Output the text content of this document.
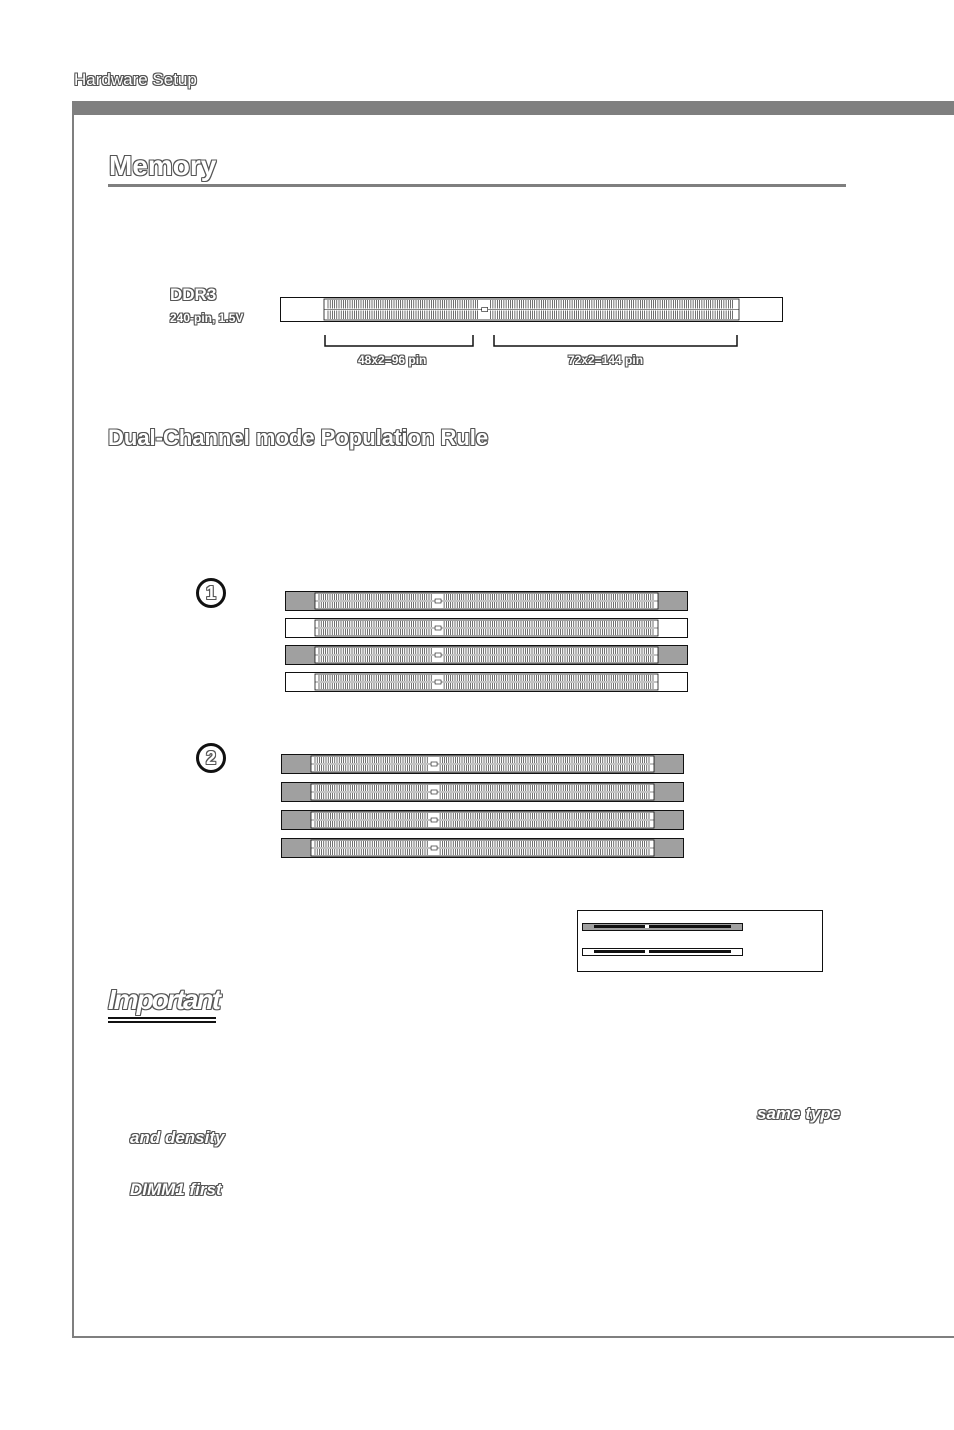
Hardware Setup
Memory
DDR3
240-pin, 1.5V
48x2=96 pin	72x2=144 pin
Dual-Channel mode Population Rule
1
2
Important
same type
and density
DIMM1 first
